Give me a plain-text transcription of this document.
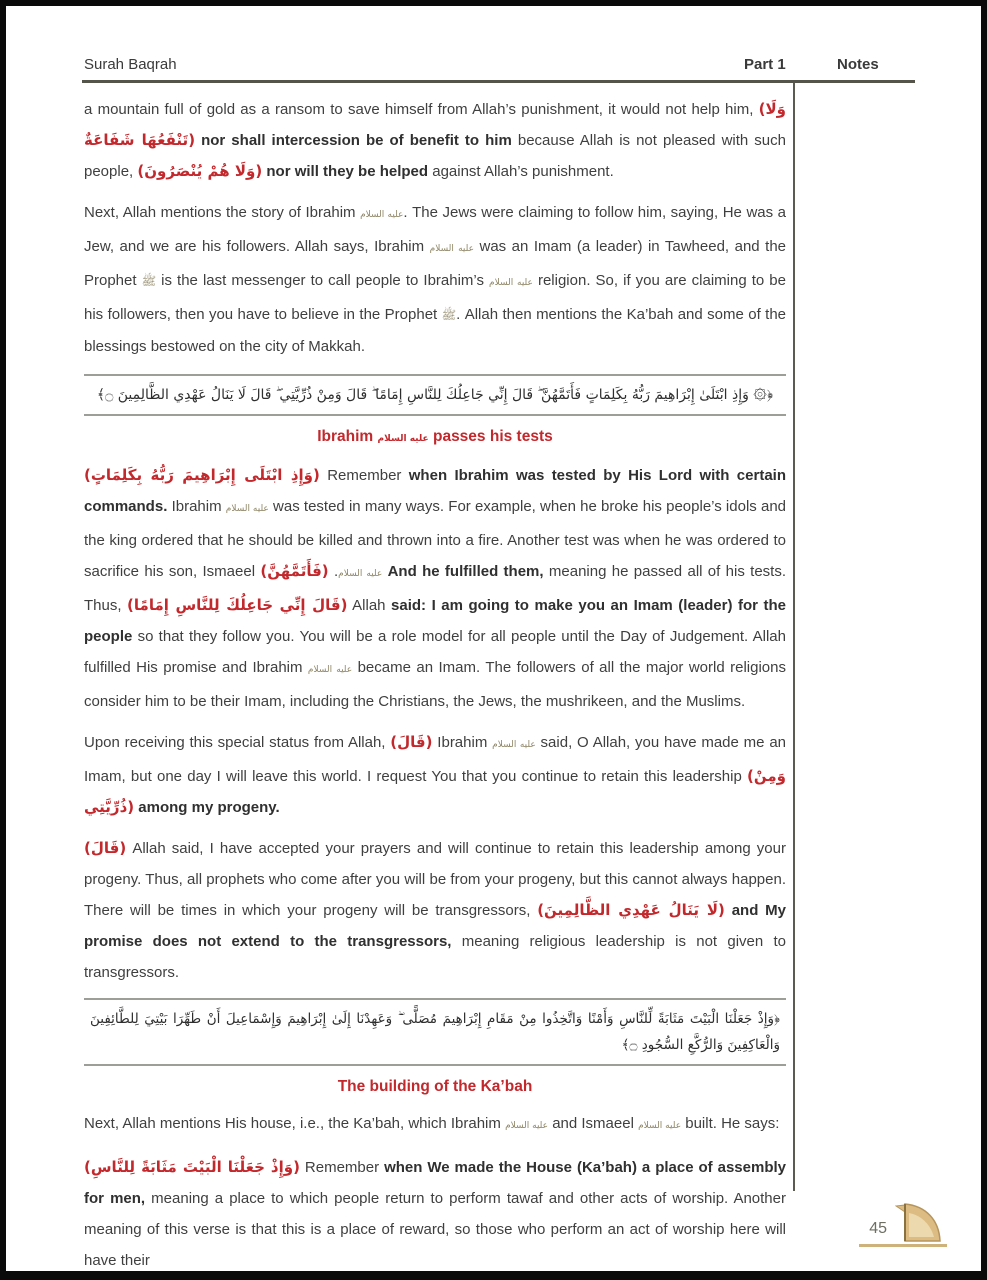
Surah Baqrah	Part 1	Notes

a mountain full of gold as a ransom to save himself from Allah’s punishment, it would not help him, (وَلَا تَنْفَعُهَا شَفَاعَةٌ) nor shall intercession be of benefit to him because Allah is not pleased with such people, (وَلَا هُمْ يُنْصَرُونَ) nor will they be helped against Allah’s punishment.

Next, Allah mentions the story of Ibrahim عليه السلام. The Jews were claiming to follow him, saying, He was a Jew, and we are his followers. Allah says, Ibrahim عليه السلام was an Imam (a leader) in Tawheed, and the Prophet ﷺ is the last messenger to call people to Ibrahim’s عليه السلام religion. So, if you are claiming to be his followers, then you have to believe in the Prophet ﷺ. Allah then mentions the Ka’bah and some of the blessings bestowed on the city of Makkah.

﴿۞ وَإِذِ ابْتَلَىٰ إِبْرَاهِيمَ رَبُّهُ بِكَلِمَاتٍ فَأَتَمَّهُنَّ ۖ قَالَ إِنِّي جَاعِلُكَ لِلنَّاسِ إِمَامًا ۖ قَالَ وَمِنْ ذُرِّيَّتِي ۖ قَالَ لَا يَنَالُ عَهْدِي الظَّالِمِينَ ۝﴾
Ibrahim عليه السلام passes his tests

(وَإِذِ ابْتَلَى إِبْرَاهِيمَ رَبُّهُ بِكَلِمَاتٍ) Remember when Ibrahim was tested by His Lord with certain commands. Ibrahim عليه السلام was tested in many ways. For example, when he broke his people’s idols and the king ordered that he should be killed and thrown into a fire. Another test was when he was ordered to sacrifice his son, Ismaeel	عليه السلام. (فَأَتَمَّهُنَّ)	And he fulfilled them, meaning he passed all of his tests. Thus, (قَالَ إِنِّي جَاعِلُكَ لِلنَّاسِ إِمَامًا) Allah said: I am going to make you an Imam (leader) for the people so that they follow you. You will be a role model for all people until the Day of Judgement. Allah fulfilled His promise and Ibrahim عليه السلام became an Imam. The followers of all the major world religions consider him to be their Imam, including the Christians, the Jews, the mushrikeen, and the Muslims.

Upon receiving this special status from Allah, (قَالَ) Ibrahim عليه السلام said, O Allah, you have made me an Imam, but one day I will leave this world. I request You that you continue to retain this leadership (وَمِنْ ذُرِّيَّتِي) among my progeny.

(قَالَ) Allah said, I have accepted your prayers and will continue to retain this leadership among your progeny. Thus, all prophets who come after you will be from your progeny, but this cannot always happen. There will be times in which your progeny will be transgressors, (لَا يَنَالُ عَهْدِي الظَّالِمِينَ) and My promise does not extend to the transgressors, meaning religious leadership is not given to transgressors.

﴿وَإِذْ جَعَلْنَا الْبَيْتَ مَثَابَةً لِّلنَّاسِ وَأَمْنًا وَاتَّخِذُوا مِنْ مَقَامِ إِبْرَاهِيمَ مُصَلًّى ۖ وَعَهِدْنَا إِلَىٰ إِبْرَاهِيمَ وَإِسْمَاعِيلَ أَنْ طَهِّرَا بَيْتِيَ لِلطَّائِفِينَ وَالْعَاكِفِينَ وَالرُّكَّعِ السُّجُودِ ۝﴾
The building of the Ka’bah

Next, Allah mentions His house, i.e., the Ka’bah, which Ibrahim عليه السلام and Ismaeel عليه السلام built. He says:

(وَإِذْ جَعَلْنَا الْبَيْتَ مَثَابَةً لِلنَّاسِ) Remember when We made the House (Ka’bah) a place of assembly for men, meaning a place to which people return to perform tawaf and other acts of worship. Another meaning of this verse is that this is a place of reward, so those who perform an act of worship here will have their

45
